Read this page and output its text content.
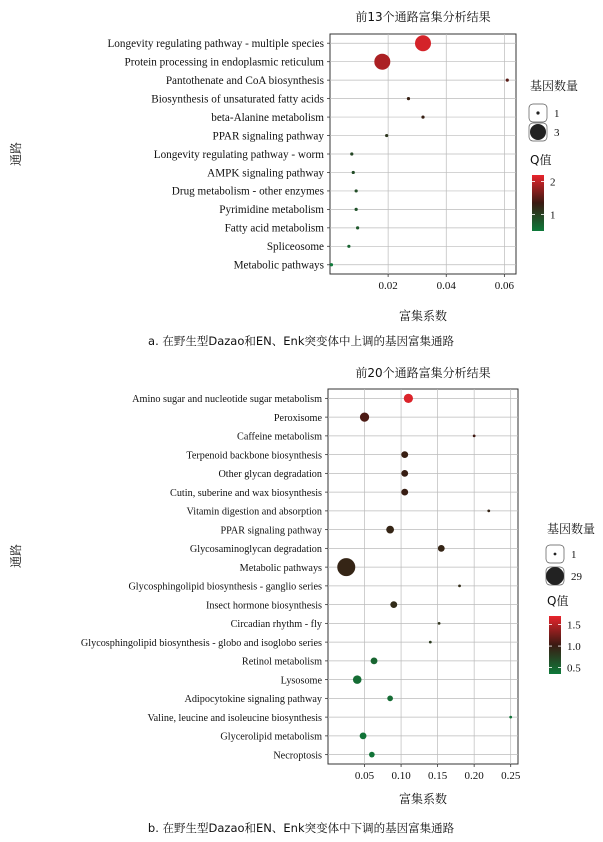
0.02	0.04	0.06
Longevity regulating pathway - multiple species
Protein processing in endoplasmic reticulum
Pantothenate and CoA biosynthesis
Biosynthesis of unsaturated fatty acids
beta-Alanine metabolism
PPAR signaling pathway
Longevity regulating pathway - worm
AMPK signaling pathway
Drug metabolism - other enzymes
Pyrimidine metabolism
Fatty acid metabolism
Spliceosome
Metabolic pathways
前13个通路富集分析结果
富集系数
通路
基因数量
1
3
Q值
2
1
a. 在野生型Dazao和EN、Enk突变体中上调的基因富集通路
0.05 0.10 0.15 0.20 0.25
Amino sugar and nucleotide sugar metabolism
Peroxisome
Caffeine metabolism
Terpenoid backbone biosynthesis
Other glycan degradation
Cutin, suberine and wax biosynthesis
Vitamin digestion and absorption
PPAR signaling pathway
Glycosaminoglycan degradation
Metabolic pathways
Glycosphingolipid biosynthesis - ganglio series
Insect hormone biosynthesis
Circadian rhythm - fly
Glycosphingolipid biosynthesis - globo and isoglobo series
Retinol metabolism
Lysosome
Adipocytokine signaling pathway
Valine, leucine and isoleucine biosynthesis
Glycerolipid metabolism
Necroptosis
前20个通路富集分析结果
富集系数
通路
基因数量
1
29
Q值
1.5
1.0
0.5
b. 在野生型Dazao和EN、Enk突变体中下调的基因富集通路
